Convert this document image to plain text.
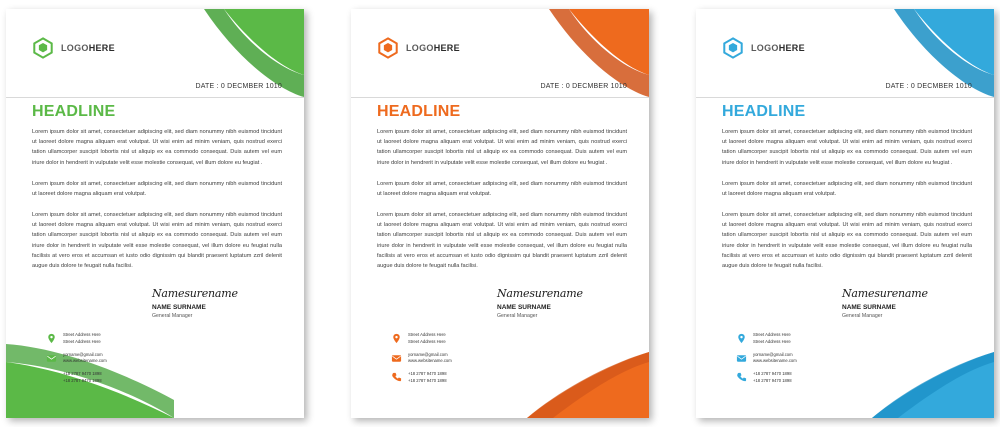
LOGOHERE
DATE : 0 DECMBER 1010
HEADLINE

Lorem ipsum dolor sit amet, consectetuer adipiscing elit, sed diam nonummy nibh euismod tincidunt ut laoreet dolore magna aliquam erat volutpat. Ut wisi enim ad minim veniam, quis nostrud exerci tation ullamcorper suscipit lobortis nisl ut aliquip ex ea commodo consequat. Duis autem vel eum iriure dolor in hendrerit in vulputate velit esse molestie consequat, vel illum dolore eu feugiat .

Lorem ipsum dolor sit amet, consectetuer adipiscing elit, sed diam nonummy nibh euismod tincidunt ut laoreet dolore magna aliquam erat volutpat.

Lorem ipsum dolor sit amet, consectetuer adipiscing elit, sed diam nonummy nibh euismod tincidunt ut laoreet dolore magna aliquam erat volutpat. Ut wisi enim ad minim veniam, quis nostrud exerci tation ullamcorper suscipit lobortis nisl ut aliquip ex ea commodo consequat. Duis autem vel eum iriure dolor in hendrerit in vulputate velit esse molestie consequat, vel illum dolore eu feugiat nulla facilisis at vero eros et accumsan et iusto odio dignissim qui blandit praesent luptatum zzril delenit augue duis dolore te feugait nulla facilisi.

Namesurename
NAME SURNAME
General Manager
Street Address Here
Street Address Here
yorname@gmail.com
www.websitename.com
+18 2787 9470 1898
+18 2787 9470 1898
LOGOHERE
DATE : 0 DECMBER 1010
HEADLINE

Lorem ipsum dolor sit amet, consectetuer adipiscing elit, sed diam nonummy nibh euismod tincidunt ut laoreet dolore magna aliquam erat volutpat. Ut wisi enim ad minim veniam, quis nostrud exerci tation ullamcorper suscipit lobortis nisl ut aliquip ex ea commodo consequat. Duis autem vel eum iriure dolor in hendrerit in vulputate velit esse molestie consequat, vel illum dolore eu feugiat .

Lorem ipsum dolor sit amet, consectetuer adipiscing elit, sed diam nonummy nibh euismod tincidunt ut laoreet dolore magna aliquam erat volutpat.

Lorem ipsum dolor sit amet, consectetuer adipiscing elit, sed diam nonummy nibh euismod tincidunt ut laoreet dolore magna aliquam erat volutpat. Ut wisi enim ad minim veniam, quis nostrud exerci tation ullamcorper suscipit lobortis nisl ut aliquip ex ea commodo consequat. Duis autem vel eum iriure dolor in hendrerit in vulputate velit esse molestie consequat, vel illum dolore eu feugiat nulla facilisis at vero eros et accumsan et iusto odio dignissim qui blandit praesent luptatum zzril delenit augue duis dolore te feugait nulla facilisi.

Namesurename
NAME SURNAME
General Manager
Street Address Here
Street Address Here
yorname@gmail.com
www.websitename.com
+18 2787 9470 1898
+18 2787 9470 1898
LOGOHERE
DATE : 0 DECMBER 1010
HEADLINE

Lorem ipsum dolor sit amet, consectetuer adipiscing elit, sed diam nonummy nibh euismod tincidunt ut laoreet dolore magna aliquam erat volutpat. Ut wisi enim ad minim veniam, quis nostrud exerci tation ullamcorper suscipit lobortis nisl ut aliquip ex ea commodo consequat. Duis autem vel eum iriure dolor in hendrerit in vulputate velit esse molestie consequat, vel illum dolore eu feugiat .

Lorem ipsum dolor sit amet, consectetuer adipiscing elit, sed diam nonummy nibh euismod tincidunt ut laoreet dolore magna aliquam erat volutpat.

Lorem ipsum dolor sit amet, consectetuer adipiscing elit, sed diam nonummy nibh euismod tincidunt ut laoreet dolore magna aliquam erat volutpat. Ut wisi enim ad minim veniam, quis nostrud exerci tation ullamcorper suscipit lobortis nisl ut aliquip ex ea commodo consequat. Duis autem vel eum iriure dolor in hendrerit in vulputate velit esse molestie consequat, vel illum dolore eu feugiat nulla facilisis at vero eros et accumsan et iusto odio dignissim qui blandit praesent luptatum zzril delenit augue duis dolore te feugait nulla facilisi.

Namesurename
NAME SURNAME
General Manager
Street Address Here
Street Address Here
yorname@gmail.com
www.websitename.com
+18 2787 9470 1898
+18 2787 9470 1898
